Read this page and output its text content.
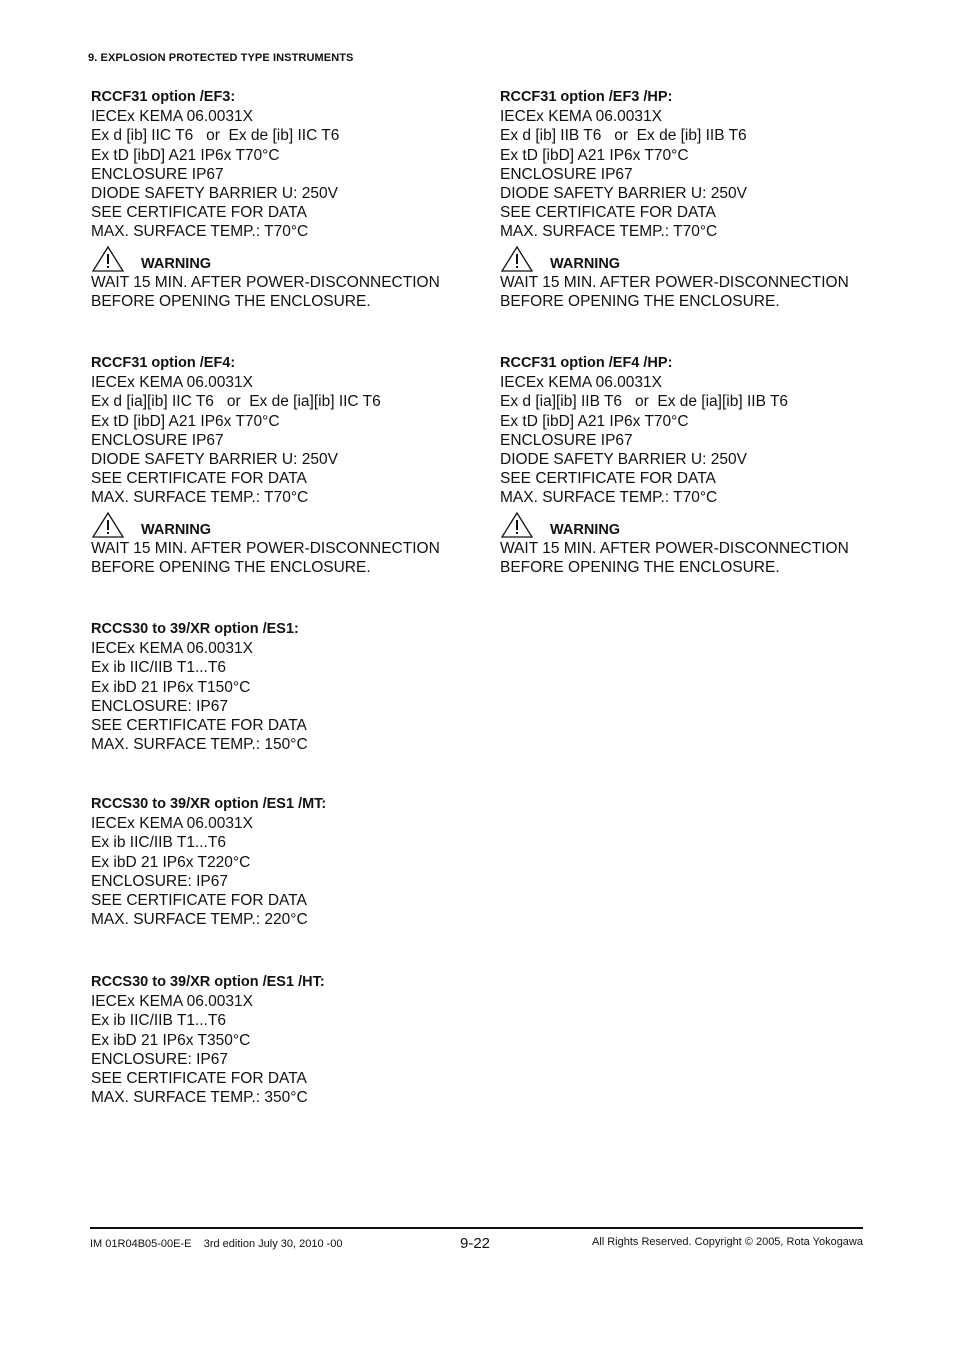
9. EXPLOSION PROTECTED TYPE INSTRUMENTS
RCCF31 option /EF3:
IECEx KEMA 06.0031X
Ex d [ib] IIC T6   or  Ex de [ib] IIC T6
Ex tD [ibD] A21 IP6x T70°C
ENCLOSURE IP67
DIODE SAFETY BARRIER U: 250V
SEE CERTIFICATE FOR DATA
MAX. SURFACE TEMP.: T70°C
WARNING
WAIT 15 MIN. AFTER POWER-DISCONNECTION
BEFORE OPENING THE ENCLOSURE.
RCCF31 option /EF3 /HP:
IECEx KEMA 06.0031X
Ex d [ib] IIB T6   or  Ex de [ib] IIB T6
Ex tD [ibD] A21 IP6x T70°C
ENCLOSURE IP67
DIODE SAFETY BARRIER U: 250V
SEE CERTIFICATE FOR DATA
MAX. SURFACE TEMP.: T70°C
WARNING
WAIT 15 MIN. AFTER POWER-DISCONNECTION
BEFORE OPENING THE ENCLOSURE.
RCCF31 option /EF4:
IECEx KEMA 06.0031X
Ex d [ia][ib] IIC T6   or  Ex de [ia][ib] IIC T6
Ex tD [ibD] A21 IP6x T70°C
ENCLOSURE IP67
DIODE SAFETY BARRIER U: 250V
SEE CERTIFICATE FOR DATA
MAX. SURFACE TEMP.: T70°C
WARNING
WAIT 15 MIN. AFTER POWER-DISCONNECTION
BEFORE OPENING THE ENCLOSURE.
RCCF31 option /EF4 /HP:
IECEx KEMA 06.0031X
Ex d [ia][ib] IIB T6   or  Ex de [ia][ib] IIB T6
Ex tD [ibD] A21 IP6x T70°C
ENCLOSURE IP67
DIODE SAFETY BARRIER U: 250V
SEE CERTIFICATE FOR DATA
MAX. SURFACE TEMP.: T70°C
WARNING
WAIT 15 MIN. AFTER POWER-DISCONNECTION
BEFORE OPENING THE ENCLOSURE.
RCCS30 to 39/XR option /ES1:
IECEx KEMA 06.0031X
Ex ib IIC/IIB T1...T6
Ex ibD 21 IP6x T150°C
ENCLOSURE: IP67
SEE CERTIFICATE FOR DATA
MAX. SURFACE TEMP.: 150°C
RCCS30 to 39/XR option /ES1 /MT:
IECEx KEMA 06.0031X
Ex ib IIC/IIB T1...T6
Ex ibD 21 IP6x T220°C
ENCLOSURE: IP67
SEE CERTIFICATE FOR DATA
MAX. SURFACE TEMP.: 220°C
RCCS30 to 39/XR option /ES1 /HT:
IECEx KEMA 06.0031X
Ex ib IIC/IIB T1...T6
Ex ibD 21 IP6x T350°C
ENCLOSURE: IP67
SEE CERTIFICATE FOR DATA
MAX. SURFACE TEMP.: 350°C
IM 01R04B05-00E-E    3rd edition July 30, 2010 -00	9-22	All Rights Reserved. Copyright © 2005, Rota Yokogawa
